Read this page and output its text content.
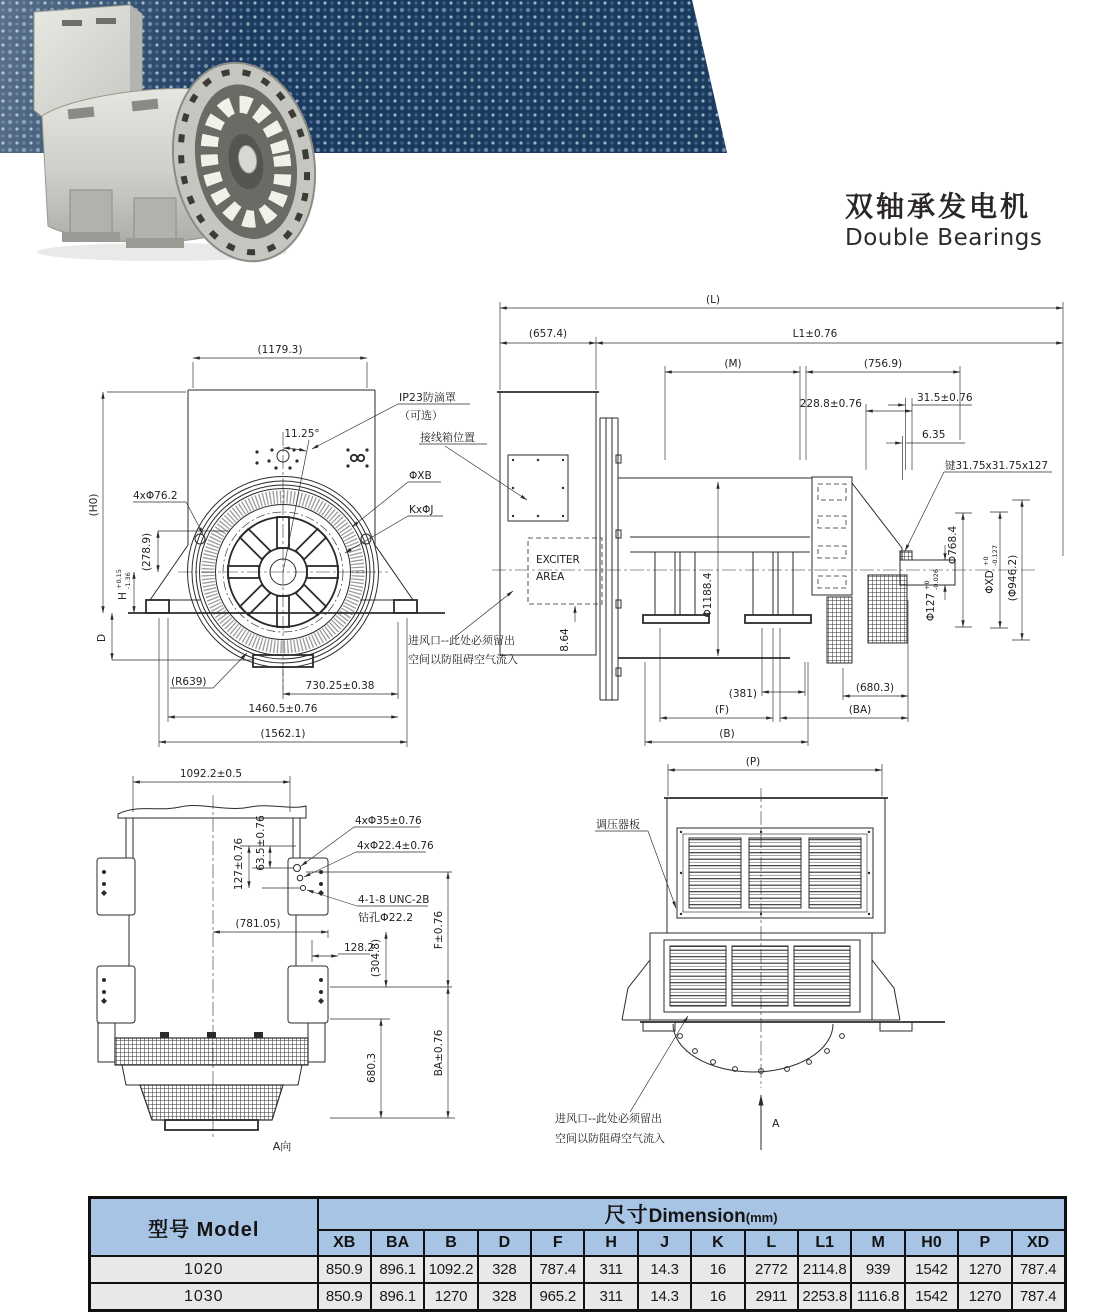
双轴承发电机
Double Bearings
(1179.3)
11.25°
4xΦ76.2
(H0)
(278.9)
H
+0.15 -1.36
D
(R639)	730.25±0.38
1460.5±0.76
(1562.1)
IP23防滴罩
（可选）
接线箱位置
ΦXB
KxΦJ
进风口--此处必须留出
空间以防阻碍空气流入
(L)
(657.4)	L1±0.76
(M)	(756.9)
228.8±0.76	31.5±0.76
6.35
键31.75x31.75x127
EXCITER
AREA
8.64
Φ1188.4
Φ768.4
ΦXD
+0 -0.127 (Φ946.2)
Φ127
+0 -0.026
(381)	(680.3)
(F)	(BA)
(B)
1092.2±0.5
127±0.76 63.5±0.76	4xΦ35±0.76
4xΦ22.4±0.76
4-1-8 UNC-2B
钻孔Φ22.2
(781.05)
128.2
(304.8)
F±0.76
BA±0.76
680.3
A向
(P)
调压器板
进风口--此处必须留出
空间以防阻碍空气流入
A
型号 Model	尺寸Dimension(mm)													
	XB	BA	B	D	F	H	J	K	L	L1	M	H0	P	XD
1020	850.9	896.1	1092.2	328	787.4	311	14.3	16	2772	2114.8	939	1542	1270	787.4
1030	850.9	896.1	1270	328	965.2	311	14.3	16	2911	2253.8	1116.8	1542	1270	787.4
